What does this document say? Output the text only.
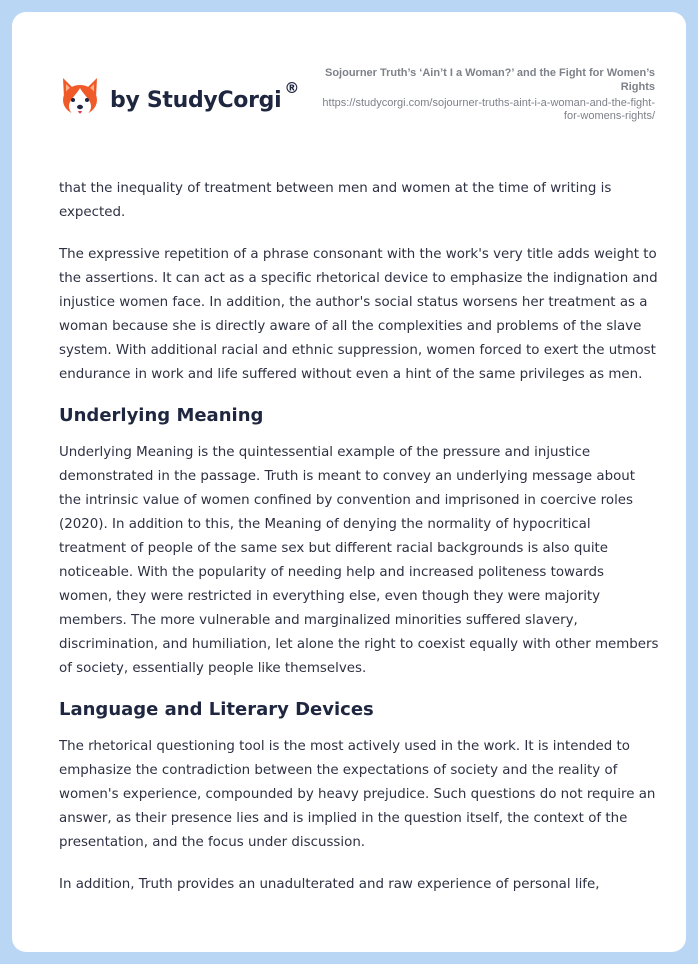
by StudyCorgi ®
Sojourner Truth’s ‘Ain’t I a Woman?’ and the Fight for Women’s Rights
https://studycorgi.com/sojourner-truths-aint-i-a-woman-and-the-fight-for-womens-rights/

that the inequality of treatment between men and women at the time of writing is expected.

The expressive repetition of a phrase consonant with the work's very title adds weight to the assertions. It can act as a specific rhetorical device to emphasize the indignation and injustice women face. In addition, the author's social status worsens her treatment as a woman because she is directly aware of all the complexities and problems of the slave system. With additional racial and ethnic suppression, women forced to exert the utmost endurance in work and life suffered without even a hint of the same privileges as men.

Underlying Meaning

Underlying Meaning is the quintessential example of the pressure and injustice demonstrated in the passage. Truth is meant to convey an underlying message about the intrinsic value of women confined by convention and imprisoned in coercive roles (2020). In addition to this, the Meaning of denying the normality of hypocritical treatment of people of the same sex but different racial backgrounds is also quite noticeable. With the popularity of needing help and increased politeness towards women, they were restricted in everything else, even though they were majority members. The more vulnerable and marginalized minorities suffered slavery, discrimination, and humiliation, let alone the right to coexist equally with other members of society, essentially people like themselves.

Language and Literary Devices

The rhetorical questioning tool is the most actively used in the work. It is intended to emphasize the contradiction between the expectations of society and the reality of women's experience, compounded by heavy prejudice. Such questions do not require an answer, as their presence lies and is implied in the question itself, the context of the presentation, and the focus under discussion.

In addition, Truth provides an unadulterated and raw experience of personal life,
